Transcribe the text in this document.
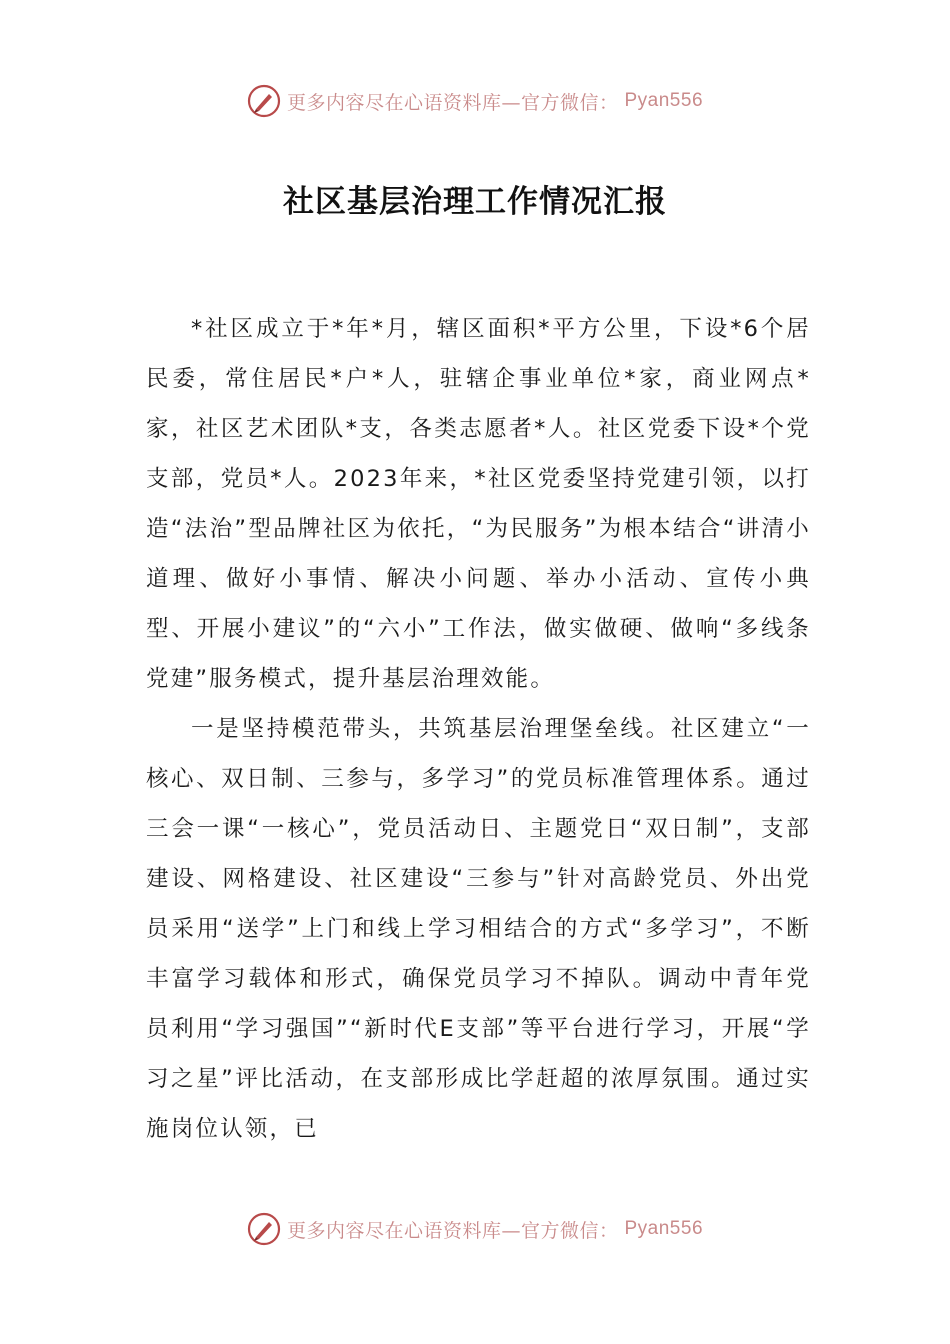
更多内容尽在心语资料库—官方微信： Pyan556
社区基层治理工作情况汇报

*社区成立于*年*月，辖区面积*平方公里，下设*6个居民委，常住居民*户*人，驻辖企事业单位*家，商业网点*家，社区艺术团队*支，各类志愿者*人。社区党委下设*个党支部，党员*人。2023年来，*社区党委坚持党建引领，以打造“法治”型品牌社区为依托，“为民服务”为根本结合“讲清小道理、做好小事情、解决小问题、举办小活动、宣传小典型、开展小建议”的“六小”工作法，做实做硬、做响“多线条党建”服务模式，提升基层治理效能。

一是坚持模范带头，共筑基层治理堡垒线。社区建立“一核心、双日制、三参与，多学习”的党员标准管理体系。通过三会一课“一核心”，党员活动日、主题党日“双日制”，支部建设、网格建设、社区建设“三参与”针对高龄党员、外出党员采用“送学”上门和线上学习相结合的方式“多学习”，不断丰富学习载体和形式，确保党员学习不掉队。调动中青年党员利用“学习强国”“新时代E支部”等平台进行学习，开展“学习之星”评比活动，在支部形成比学赶超的浓厚氛围。通过实施岗位认领，已

更多内容尽在心语资料库—官方微信： Pyan556
